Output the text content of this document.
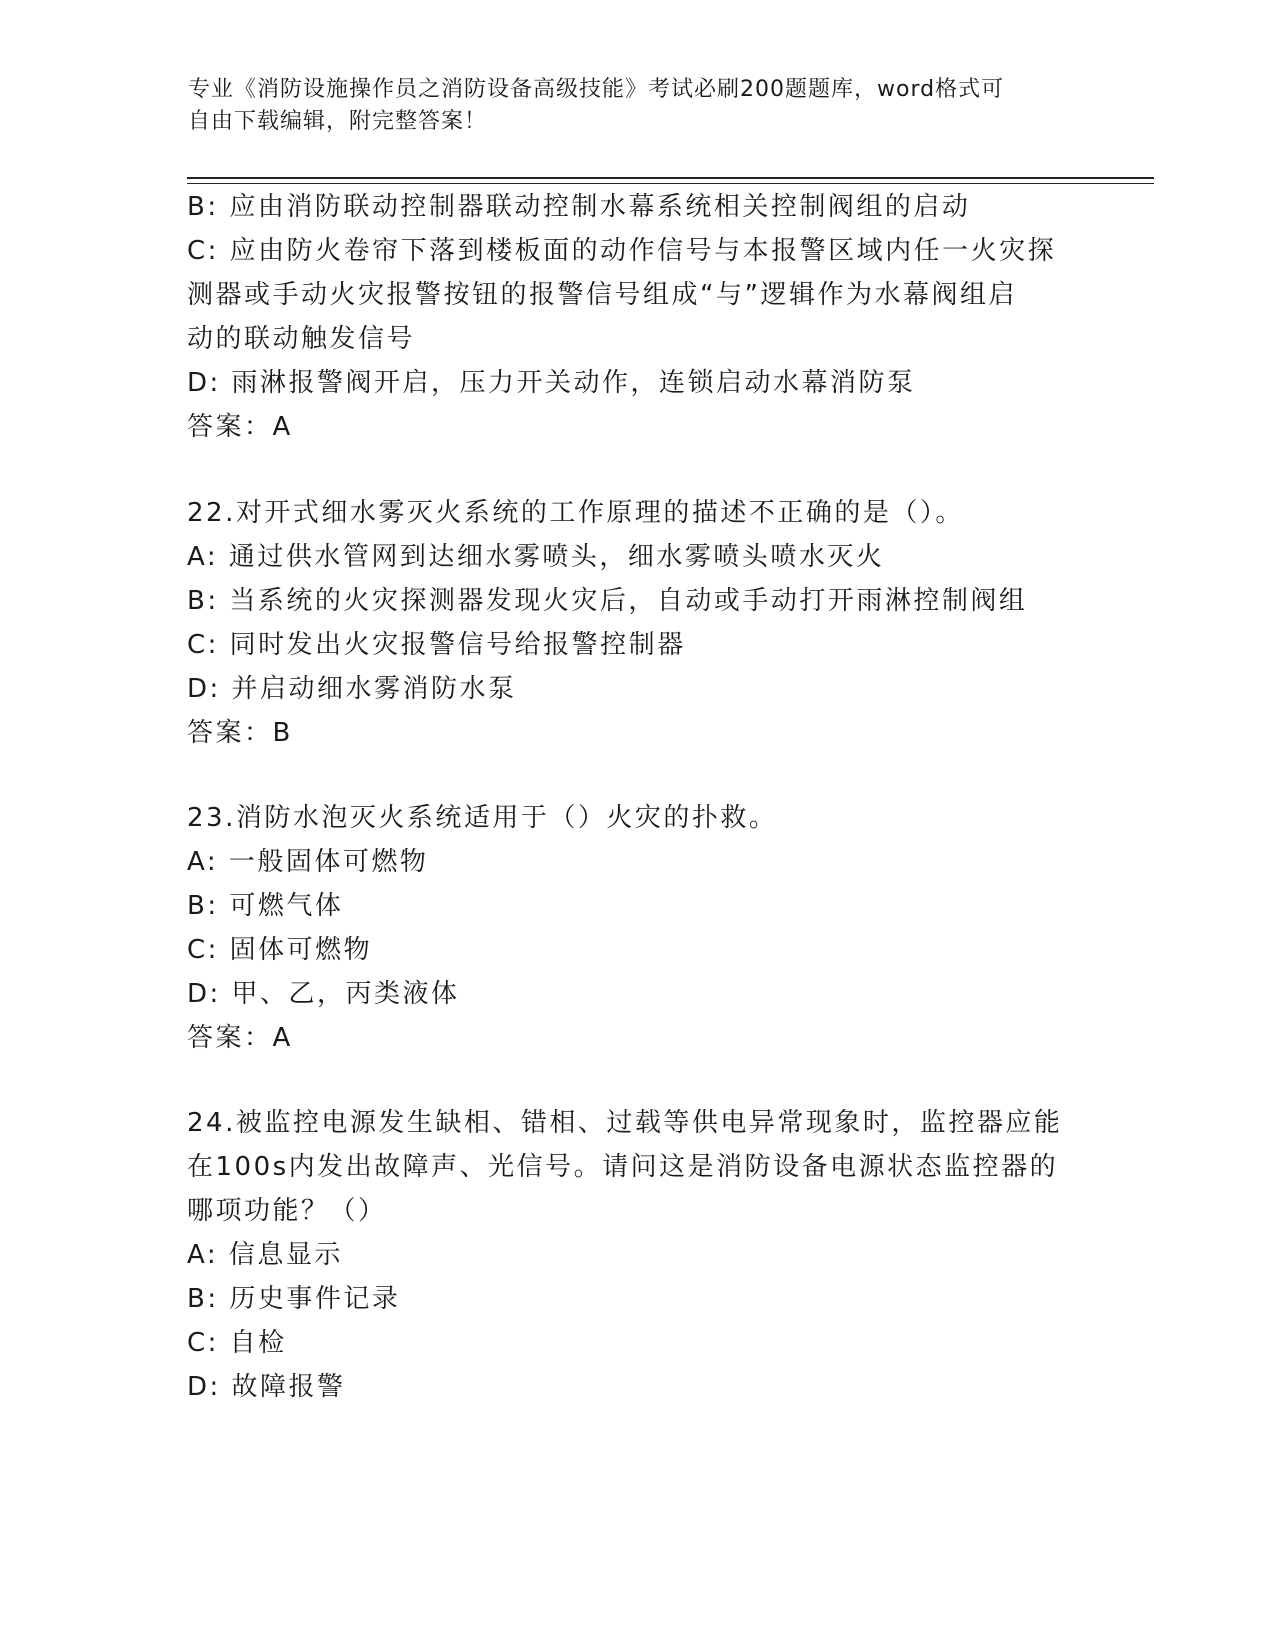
专业《消防设施操作员之消防设备高级技能》考试必刷200题题库，word格式可
自由下载编辑，附完整答案！
B: 应由消防联动控制器联动控制水幕系统相关控制阀组的启动
C: 应由防火卷帘下落到楼板面的动作信号与本报警区域内任一火灾探
测器或手动火灾报警按钮的报警信号组成“与”逻辑作为水幕阀组启
动的联动触发信号
D: 雨淋报警阀开启，压力开关动作，连锁启动水幕消防泵
答案：A
22.对开式细水雾灭火系统的工作原理的描述不正确的是（）。
A: 通过供水管网到达细水雾喷头，细水雾喷头喷水灭火
B: 当系统的火灾探测器发现火灾后，自动或手动打开雨淋控制阀组
C: 同时发出火灾报警信号给报警控制器
D: 并启动细水雾消防水泵
答案：B
23.消防水泡灭火系统适用于（）火灾的扑救。
A: 一般固体可燃物
B: 可燃气体
C: 固体可燃物
D: 甲、乙，丙类液体
答案：A
24.被监控电源发生缺相、错相、过载等供电异常现象时，监控器应能
在100s内发出故障声、光信号。请问这是消防设备电源状态监控器的
哪项功能？（）
A: 信息显示
B: 历史事件记录
C: 自检
D: 故障报警
